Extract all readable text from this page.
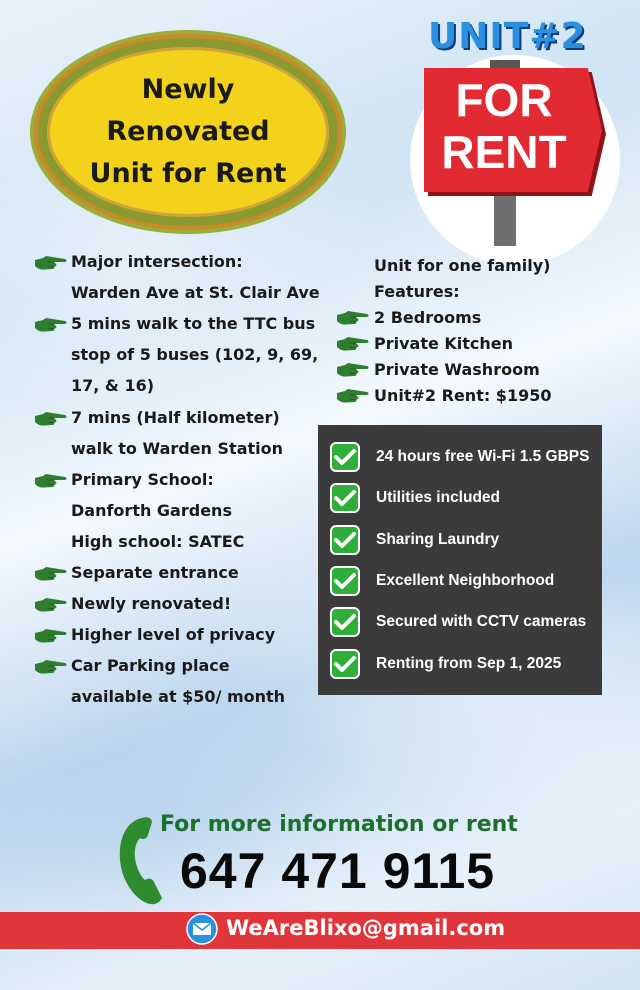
Newly Renovated Unit for Rent
FOR
RENT
UNIT#2
Major intersection:
Warden Ave at St. Clair Ave
5 mins walk to the TTC bus
stop of 5 buses (102, 9, 69,
17, & 16)
7 mins (Half kilometer)
walk to Warden Station
Primary School:
Danforth Gardens
High school: SATEC
Separate entrance
Newly renovated!
Higher level of privacy
Car Parking place
available at $50/ month
Unit for one family)
Features:
2 Bedrooms
Private Kitchen
Private Washroom
Unit#2 Rent: $1950
24 hours free Wi-Fi 1.5 GBPS
Utilities included
Sharing Laundry
Excellent Neighborhood
Secured with CCTV cameras
Renting from Sep 1, 2025
For more information or rent
647 471 9115
WeAreBlixo@gmail.com
